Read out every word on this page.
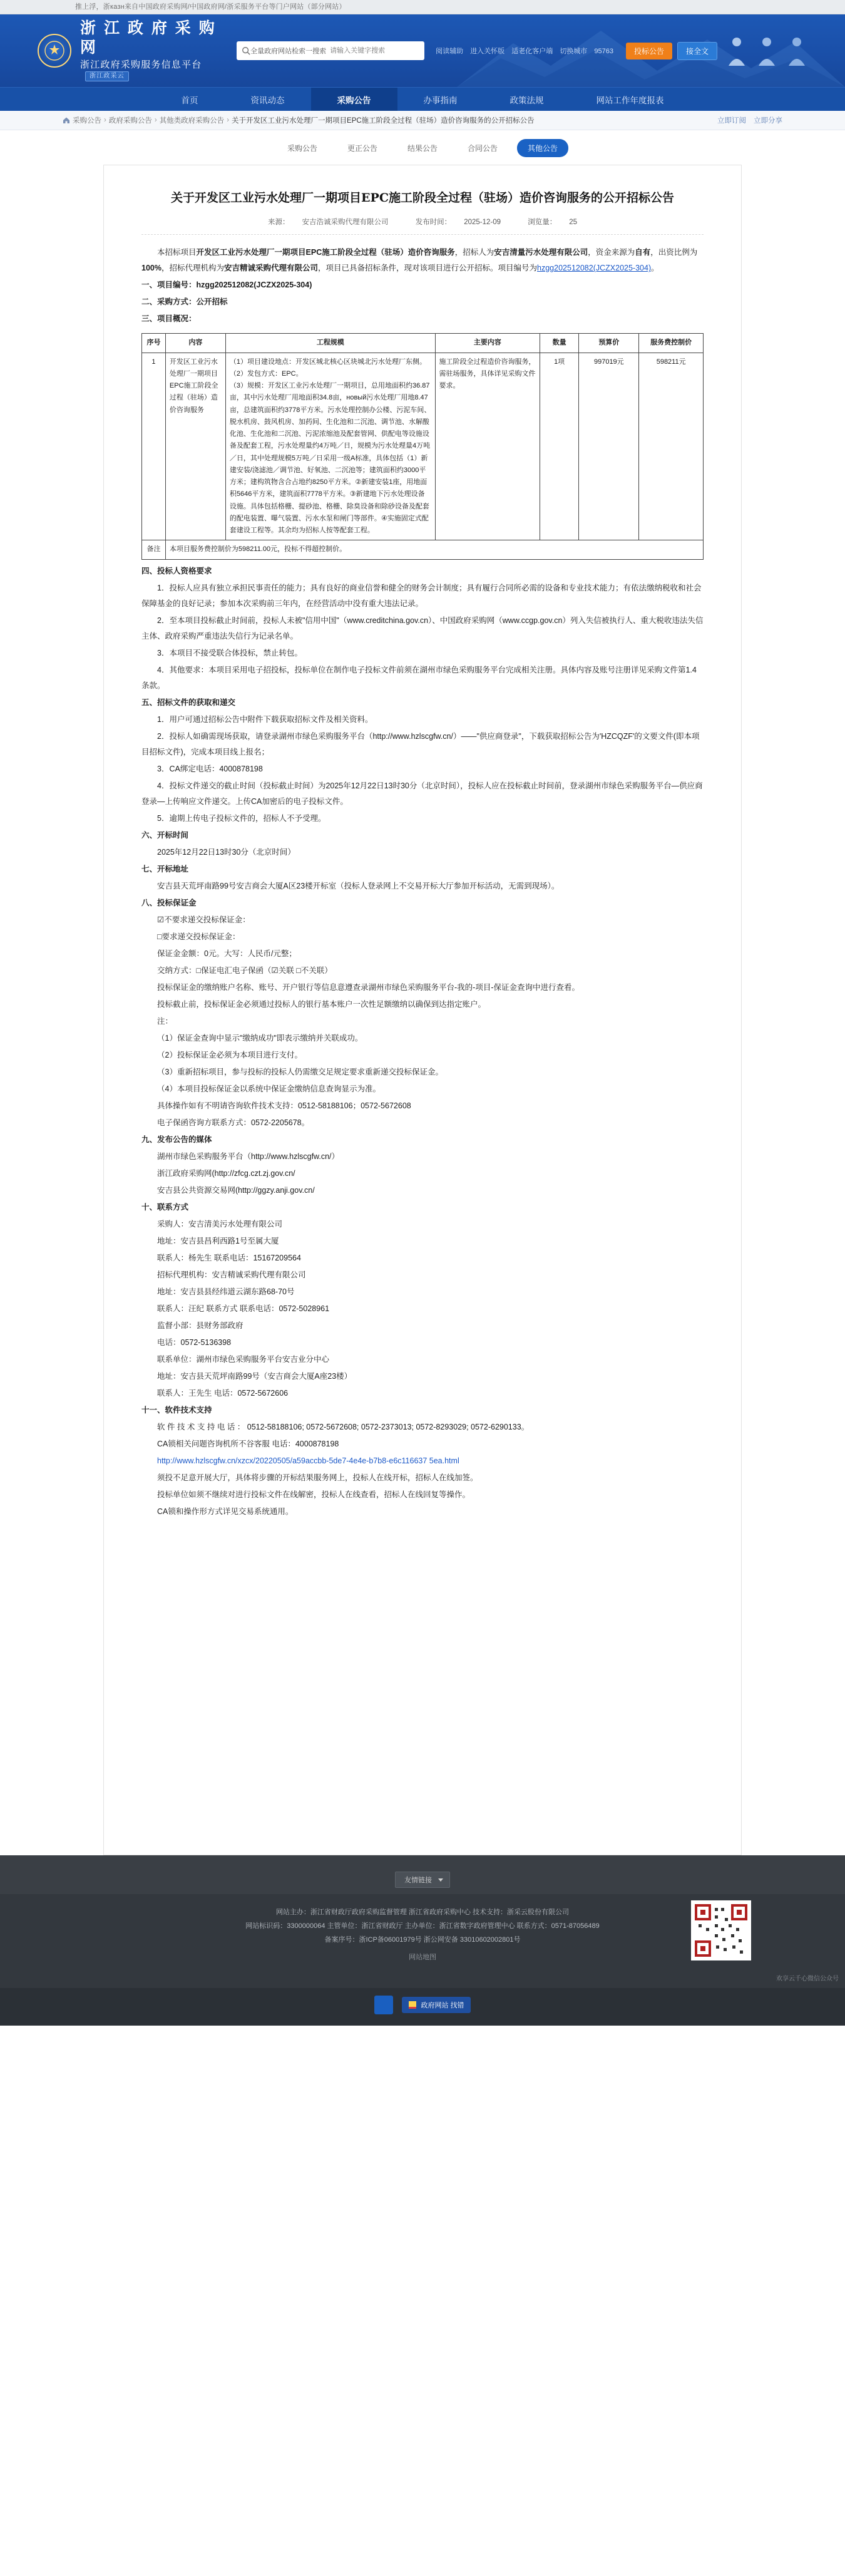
推上浮，浙казн来自中国政府采购网/中国政府网/浙采服务平台等门户网站（部分网站）
浙 江 政 府 采 购 网
浙江政府采购服务信息平台 浙江政采云
全量政府网站检索一搜索
请输入关键字搜索	阅读辅助 进入关怀版 适老化客户端 切换城市 95763	投标公告	接全文
首页	资讯动态	采购公告	办事指南	政策法规	网站工作年度报表
采购公告 › 政府采购公告 › 其他类政府采购公告 › 关于开发区工业污水处理厂一期项目EPC施工阶段全过程（驻场）造价咨询服务的公开招标公告	立即订阅 立即分享
采购公告	更正公告	结果公告	合同公告	其他公告
关于开发区工业污水处理厂一期项目EPC施工阶段全过程（驻场）造价咨询服务的公开招标公告
来源： 安吉浩诚采购代理有限公司	发布时间： 2025-12-09	浏览量： 25

本招标项目开发区工业污水处理厂一期项目EPC施工阶段全过程（驻场）造价咨询服务，招标人为安吉清量污水处理有限公司，资金来源为自有，出资比例为100%，招标代理机构为安吉精诚采购代理有限公司，项目已具备招标条件，现对该项目进行公开招标。项目编号为hzgg202512082(JCZX2025-304)。

一、项目编号：hzgg202512082(JCZX2025-304)

二、采购方式：公开招标

三、项目概况：

序号	内容	工程规模	主要内容	数量	预算价	服务费控制价
1	开发区工业污水处理厂一期项目EPC施工阶段全过程（驻场）造价咨询服务	（1）项目建设地点：开发区城北核心区块城北污水处理厂东侧。

（2）发包方式：EPC。

（3）规模：开发区工业污水处理厂一期项目，总用地面积约36.87亩，其中污水处理厂用地面积34.8亩，новый污水处理厂用地8.47亩，总建筑面积约3778平方米。污水处理控制办公楼、污泥车间、脱水机房、鼓风机房、加药间、生化池和二沉池、调节池、水解酸化池、生化池和二沉池、污泥浓缩池及配套管网、供配电等设施设备及配套工程，污水处理量约4万吨／日，规模为污水处理量4万吨／日，其中处理规模5万吨／日采用一级A标准，具体包括（1）新建安装/浇滤池／调节池、好氧池、二沉池等；建筑面积约3000平方米；建构筑物含合占地约8250平方米。②新建安装1座，用地面积5646平方米，建筑面积7778平方米。③新建地下污水处理设备设施。具体包括格栅、提砂池、格栅、除臭设备和除砂设备及配套的配电装置、曝气装置、污水水泵和闸门等部件。④实施固定式配套建设工程等。其余均为招标人按等配套工程。	施工阶段全过程造价咨询服务，需驻场服务，具体详见采购文件要求。	1项	997019元	598211元
备注	本项目服务费控制价为598211.00元，投标不得超控制价。					

四、投标人资格要求

1．投标人应具有独立承担民事责任的能力；具有良好的商业信誉和健全的财务会计制度；具有履行合同所必需的设备和专业技术能力；有依法缴纳税收和社会保障基金的良好记录；参加本次采购前三年内，在经营活动中没有重大违法记录。

2．至本项目投标截止时间前，投标人未被"信用中国"（www.creditchina.gov.cn）、中国政府采购网（www.ccgp.gov.cn）列入失信被执行人、重大税收违法失信主体、政府采购严重违法失信行为记录名单。

3．本项目不接受联合体投标，禁止转包。

4．其他要求：本项目采用电子招投标，投标单位在制作电子投标文件前须在湖州市绿色采购服务平台完成相关注册。具体内容及账号注册详见采购文件第1.4条款。

五、招标文件的获取和递交

1．用户可通过招标公告中附件下载获取招标文件及相关资料。

2．投标人如确需现场获取，请登录湖州市绿色采购服务平台（http://www.hzlscgfw.cn/）——"供应商登录"，下载获取招标公告为'HZCQZF'的文要文件(即本项目招标文件)，完成本项目线上报名；

3．CA绑定电话：4000878198

4．投标文件递交的截止时间（投标截止时间）为2025年12月22日13时30分（北京时间），投标人应在投标截止时间前，登录湖州市绿色采购服务平台—供应商登录—上传响应文件递交。上传CA加密后的电子投标文件。

5．逾期上传电子投标文件的，招标人不予受理。

六、开标时间

2025年12月22日13时30分（北京时间）

七、开标地址

安吉县天荒坪南路99号安吉商会大厦A区23楼开标室（投标人登录网上不交易开标大厅参加开标活动，无需到现场）。

八、投标保证金

☑不要求递交投标保证金：

□要求递交投标保证金：

保证金金额：0元。大写：人民币/元整；

交纳方式：□保证电汇电子保函（☑关联 □不关联）

投标保证金的缴纳账户名称、账号、开户银行等信息意遵查录湖州市绿色采购服务平台-我的-项目-保证金查询中进行查看。

投标截止前，投标保证金必须通过投标人的银行基本账户一次性足额缴纳以确保到达指定账户。

注：

（1）保证金查询中显示"缴纳成功"即表示缴纳并关联成功。

（2）投标保证金必须为本项目进行支付。

（3）重新招标项目，参与投标的投标人仍需缴交足规定要求重新递交投标保证金。

（4）本项目投标保证金以系统中保证金缴纳信息查询显示为准。

具体操作如有不明请咨询软件技术支持：0512-58188106；0572-5672608

电子保函咨询方联系方式：0572-2205678。

九、发布公告的媒体

湖州市绿色采购服务平台（http://www.hzlscgfw.cn/）

浙江政府采购网(http://zfcg.czt.zj.gov.cn/

安吉县公共资源交易网(http://ggzy.anji.gov.cn/

十、联系方式

采购人：安吉清美污水处理有限公司

地址：安吉县昌利西路1号至属大厦

联系人：杨先生 联系电话：15167209564

招标代理机构：安吉精诚采购代理有限公司

地址：安吉县县经纬道云湖东路68-70号

联系人：汪纪 联系方式 联系电话：0572-5028961

监督小部：县财务部政府

电话：0572-5136398

联系单位：湖州市绿色采购服务平台安吉业分中心

地址：安吉县天荒坪南路99号（安吉商会大厦A座23楼）

联系人：王先生 电话：0572-5672606

十一、软件技术支持

软 件 技 术 支 持 电 话 ： 0512-58188106; 0572-5672608; 0572-2373013; 0572-8293029; 0572-6290133。

CA锁相关问题咨询机所不谷客服 电话：4000878198

http://www.hzlscgfw.cn/xzcx/20220505/a59accbb-5de7-4e4e-b7b8-e6c116637 5ea.html

须投不足意开展大厅，具体将步骤的开标结果服务网上，投标人在线开标，招标人在线加签。

投标单位如须不继续对进行投标文件在线解密，投标人在线查看，招标人在线回复等操作。

CA锁和操作形方式详见交易系统通用。

友情链接
网站主办：浙江省财政厅政府采购监督管理 浙江省政府采购中心 技术支持：浙采云股份有限公司
网站标识码：3300000064 主管单位：浙江省财政厅 主办单位：浙江省数字政府管理中心 联系方式：0571-87056489
备案序号：浙ICP备06001979号 浙公网安备 33010602002801号
网站地图
欢享云千心微信公众号
政府网站 找错
